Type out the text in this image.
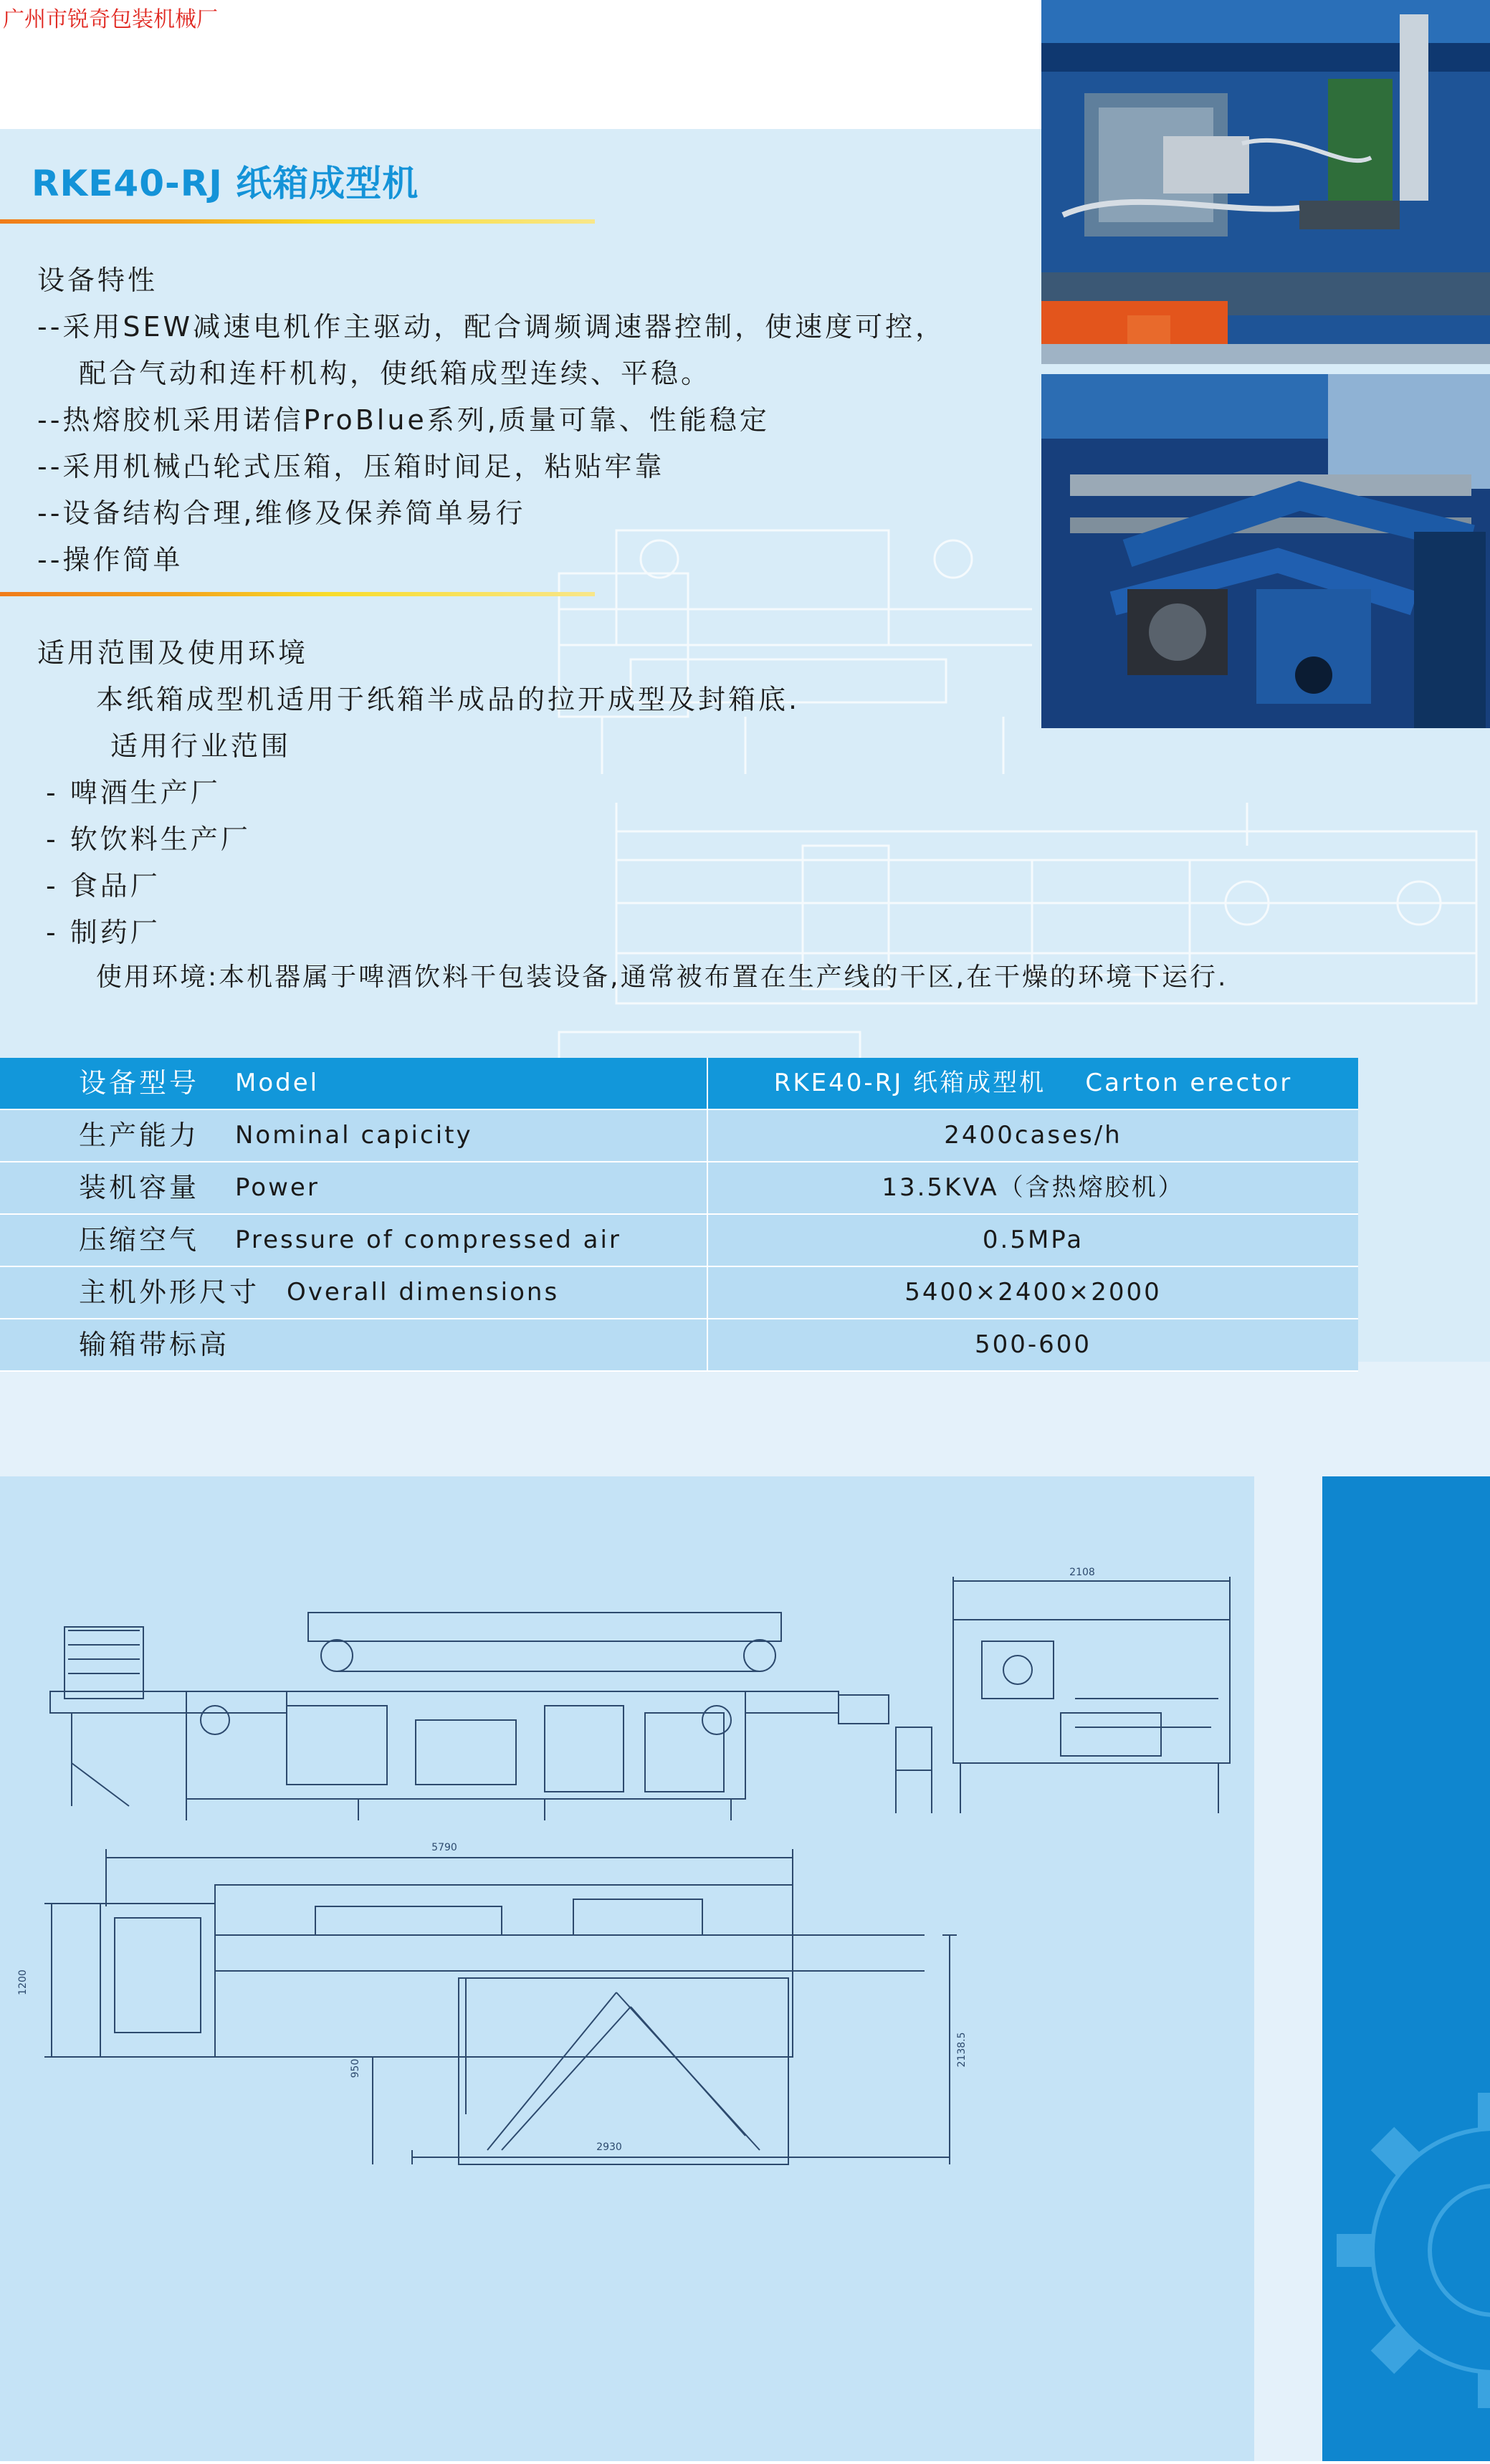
广州市锐奇包装机械厂
RKE40-RJ 纸箱成型机
设备特性
--采用SEW减速电机作主驱动，配合调频调速器控制，使速度可控，
配合气动和连杆机构，使纸箱成型连续、平稳。
--热熔胶机采用诺信ProBlue系列,质量可靠、性能稳定
--采用机械凸轮式压箱，压箱时间足，粘贴牢靠
--设备结构合理,维修及保养简单易行
--操作简单
适用范围及使用环境
本纸箱成型机适用于纸箱半成品的拉开成型及封箱底.
适用行业范围
- 啤酒生产厂
- 软饮料生产厂
- 食品厂
- 制药厂
使用环境:本机器属于啤酒饮料干包装设备,通常被布置在生产线的干区,在干燥的环境下运行.
设备型号 Model	RKE40-RJ 纸箱成型机    Carton erector
生产能力 Nominal capicity	2400cases/h
装机容量 Power	13.5KVA（含热熔胶机）
压缩空气 Pressure of compressed air	0.5MPa
主机外形尺寸 Overall dimensions	5400×2400×2000
输箱带标高	500-600
2108
5790
2930
1200
950
2138.5
